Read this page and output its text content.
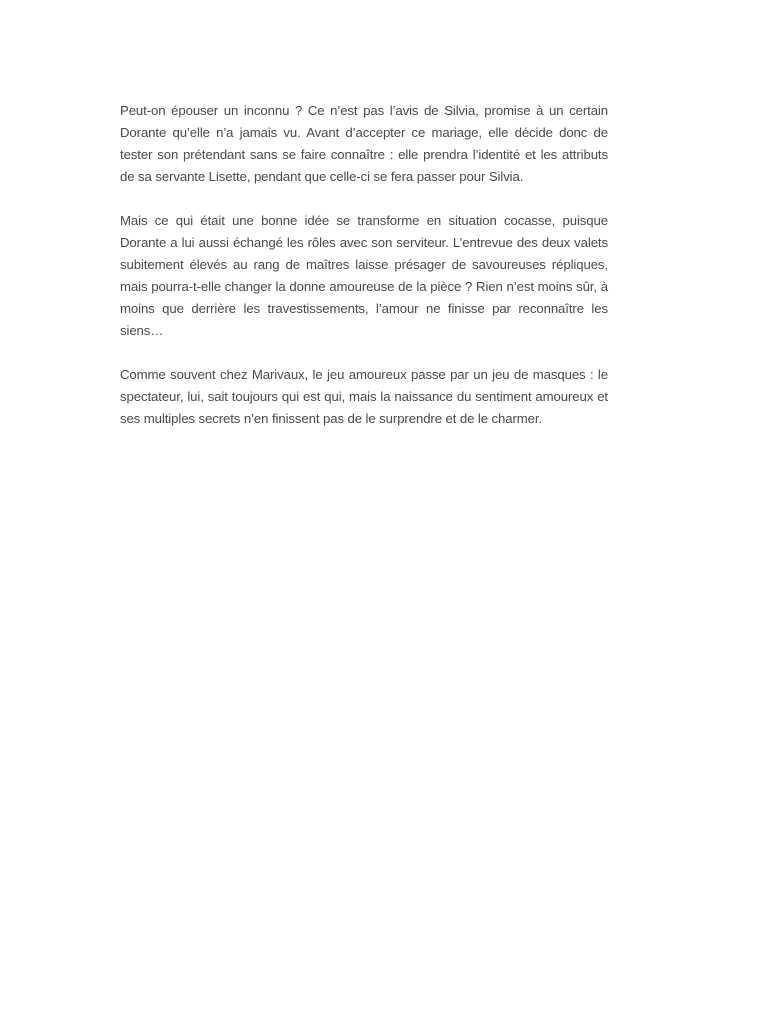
Peut-on épouser un inconnu ? Ce n’est pas l’avis de Silvia, promise à un certain Dorante qu’elle n’a jamais vu. Avant d’accepter ce mariage, elle décide donc de tester son prétendant sans se faire connaître : elle prendra l’identité et les attributs de sa servante Lisette, pendant que celle-ci se fera passer pour Silvia.

Mais ce qui était une bonne idée se transforme en situation cocasse, puisque Dorante a lui aussi échangé les rôles avec son serviteur. L’entrevue des deux valets subitement élevés au rang de maîtres laisse présager de savoureuses répliques, mais pourra-t-elle changer la donne amoureuse de la pièce ? Rien n’est moins sûr, à moins que derrière les travestissements, l’amour ne finisse par reconnaître les siens…

Comme souvent chez Marivaux, le jeu amoureux passe par un jeu de masques : le spectateur, lui, sait toujours qui est qui, mais la naissance du sentiment amoureux et ses multiples secrets n’en finissent pas de le surprendre et de le charmer.
